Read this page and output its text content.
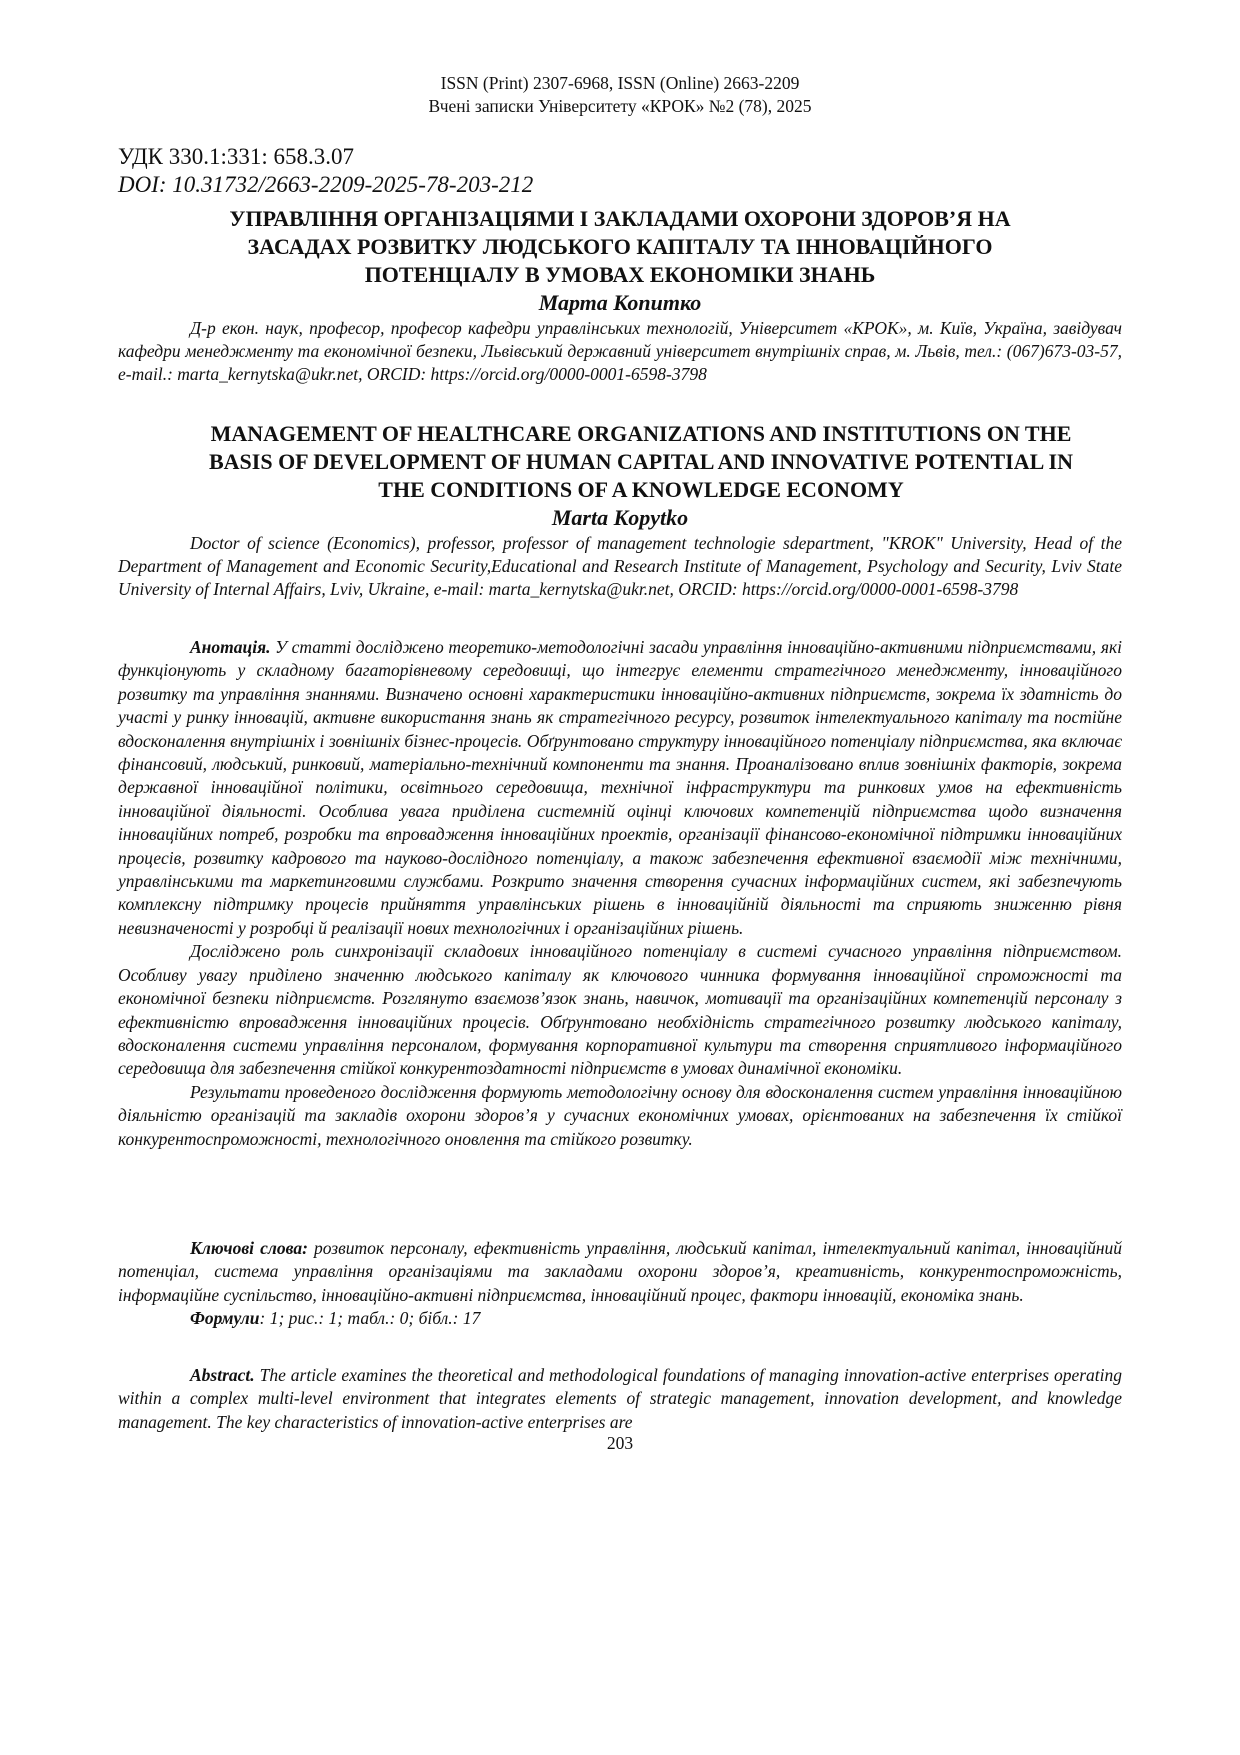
ISSN (Print) 2307-6968, ISSN (Online) 2663-2209
Вчені записки Університету «КРОК» №2 (78), 2025
УДК 330.1:331: 658.3.07
DOI: 10.31732/2663-2209-2025-78-203-212
УПРАВЛІННЯ ОРГАНІЗАЦІЯМИ І ЗАКЛАДАМИ ОХОРОНИ ЗДОРОВ’Я НА ЗАСАДАХ РОЗВИТКУ ЛЮДСЬКОГО КАПІТАЛУ ТА ІННОВАЦІЙНОГО ПОТЕНЦІАЛУ В УМОВАХ ЕКОНОМІКИ ЗНАНЬ
Марта Копитко

Д-р екон. наук, професор, професор кафедри управлінських технологій, Університет «КРОК», м. Київ, Україна, завідувач кафедри менеджменту та економічної безпеки, Львівський державний університет внутрішніх справ, м. Львів, тел.: (067)673-03-57, e-mail.: marta_kernytska@ukr.net, ORCID: https://orcid.org/0000-0001-6598-3798

MANAGEMENT OF HEALTHCARE ORGANIZATIONS AND INSTITUTIONS ON THE BASIS OF DEVELOPMENT OF HUMAN CAPITAL AND INNOVATIVE POTENTIAL IN THE CONDITIONS OF A KNOWLEDGE ECONOMY
Marta Kopytko

Doctor of science (Economics), professor, professor of management technologie sdepartment, "KROK" University, Head of the Department of Management and Economic Security,Educational and Research Institute of Management, Psychology and Security, Lviv State University of Internal Affairs, Lviv, Ukraine, e-mail: marta_kernytska@ukr.net, ORCID: https://orcid.org/0000-0001-6598-3798

Анотація. У статті досліджено теоретико-методологічні засади управління інноваційно-активними підприємствами, які функціонують у складному багаторівневому середовищі, що інтегрує елементи стратегічного менеджменту, інноваційного розвитку та управління знаннями. Визначено основні характеристики інноваційно-активних підприємств, зокрема їх здатність до участі у ринку інновацій, активне використання знань як стратегічного ресурсу, розвиток інтелектуального капіталу та постійне вдосконалення внутрішніх і зовнішніх бізнес-процесів. Обґрунтовано структуру інноваційного потенціалу підприємства, яка включає фінансовий, людський, ринковий, матеріально-технічний компоненти та знання. Проаналізовано вплив зовнішніх факторів, зокрема державної інноваційної політики, освітнього середовища, технічної інфраструктури та ринкових умов на ефективність інноваційної діяльності. Особлива увага приділена системній оцінці ключових компетенцій підприємства щодо визначення інноваційних потреб, розробки та впровадження інноваційних проектів, організації фінансово-економічної підтримки інноваційних процесів, розвитку кадрового та науково-дослідного потенціалу, а також забезпечення ефективної взаємодії між технічними, управлінськими та маркетинговими службами. Розкрито значення створення сучасних інформаційних систем, які забезпечують комплексну підтримку процесів прийняття управлінських рішень в інноваційній діяльності та сприяють зниженню рівня невизначеності у розробці й реалізації нових технологічних і організаційних рішень.

Досліджено роль синхронізації складових інноваційного потенціалу в системі сучасного управління підприємством. Особливу увагу приділено значенню людського капіталу як ключового чинника формування інноваційної спроможності та економічної безпеки підприємств. Розглянуто взаємозв’язок знань, навичок, мотивації та організаційних компетенцій персоналу з ефективністю впровадження інноваційних процесів. Обґрунтовано необхідність стратегічного розвитку людського капіталу, вдосконалення системи управління персоналом, формування корпоративної культури та створення сприятливого інформаційного середовища для забезпечення стійкої конкурентоздатності підприємств в умовах динамічної економіки.

Результати проведеного дослідження формують методологічну основу для вдосконалення систем управління інноваційною діяльністю організацій та закладів охорони здоров’я у сучасних економічних умовах, орієнтованих на забезпечення їх стійкої конкурентоспроможності, технологічного оновлення та стійкого розвитку.

Ключові слова: розвиток персоналу, ефективність управління, людський капітал, інтелектуальний капітал, інноваційний потенціал, система управління організаціями та закладами охорони здоров’я, креативність, конкурентоспроможність, інформаційне суспільство, інноваційно-активні підприємства, інноваційний процес, фактори інновацій, економіка знань.

Формули: 1; рис.: 1; табл.: 0; бібл.: 17

Abstract. The article examines the theoretical and methodological foundations of managing innovation-active enterprises operating within a complex multi-level environment that integrates elements of strategic management, innovation development, and knowledge management. The key characteristics of innovation-active enterprises are

203
